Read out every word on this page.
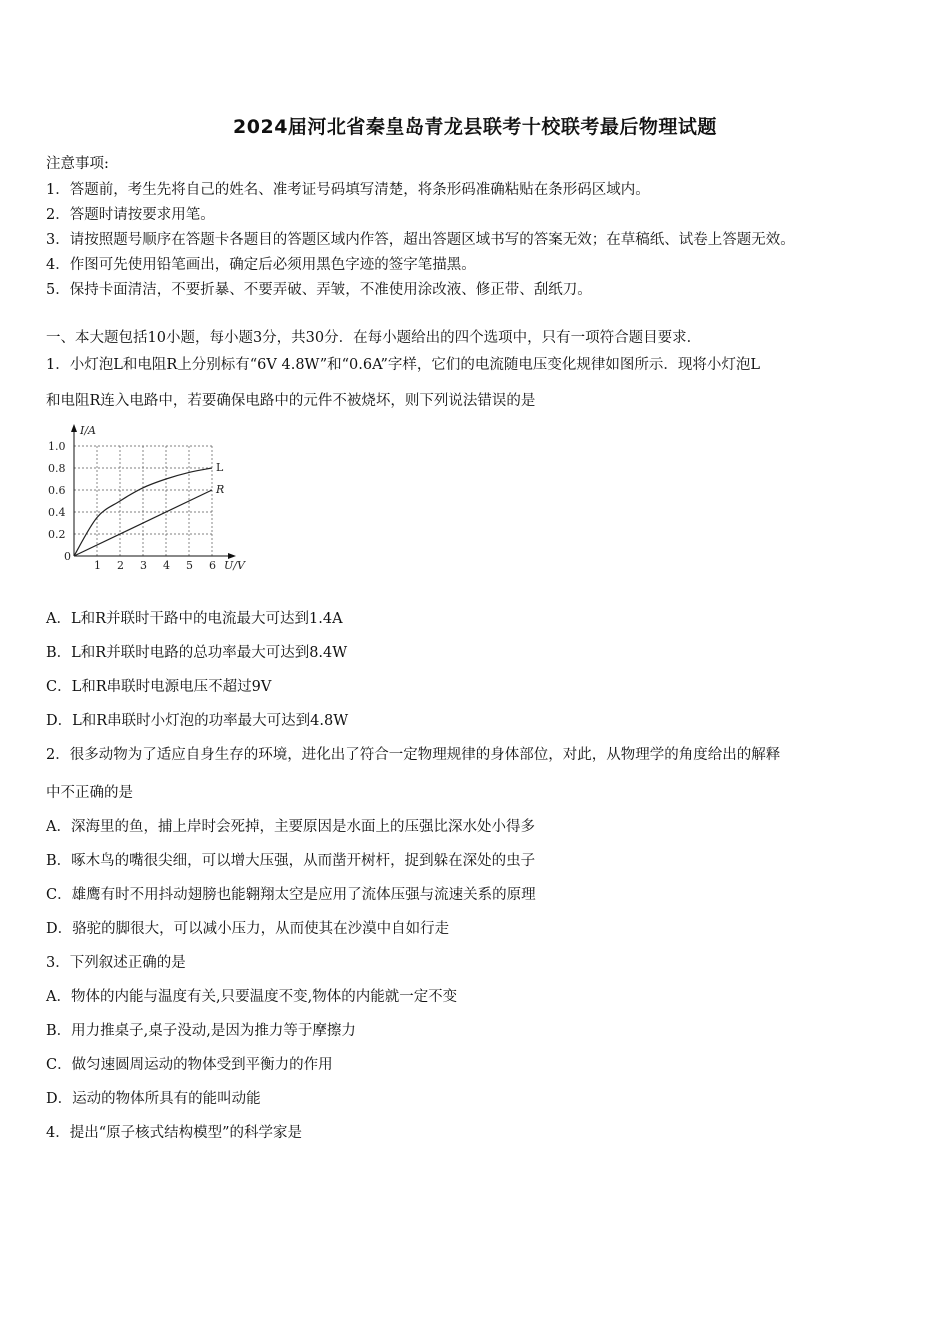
2024届河北省秦皇岛青龙县联考十校联考最后物理试题

注意事项:

1．答题前，考生先将自己的姓名、准考证号码填写清楚，将条形码准确粘贴在条形码区域内。

2．答题时请按要求用笔。

3．请按照题号顺序在答题卡各题目的答题区域内作答，超出答题区域书写的答案无效；在草稿纸、试卷上答题无效。

4．作图可先使用铅笔画出，确定后必须用黑色字迹的签字笔描黑。

5．保持卡面清洁，不要折暴、不要弄破、弄皱，不准使用涂改液、修正带、刮纸刀。

一、本大题包括10小题，每小题3分，共30分．在每小题给出的四个选项中，只有一项符合题目要求．

1．小灯泡L和电阻R上分别标有“6V 4.8W”和“0.6A”字样，它们的电流随电压变化规律如图所示．现将小灯泡L

和电阻R连入电路中，若要确保电路中的元件不被烧坏，则下列说法错误的是

I/A
U/V
0
1 2 3 4 5 6
1.0
0.8
0.6
0.4
0.2
L
R

A．L和R并联时干路中的电流最大可达到1.4A

B．L和R并联时电路的总功率最大可达到8.4W

C．L和R串联时电源电压不超过9V

D．L和R串联时小灯泡的功率最大可达到4.8W

2．很多动物为了适应自身生存的环境，进化出了符合一定物理规律的身体部位，对此，从物理学的角度给出的解释

中不正确的是

A．深海里的鱼，捕上岸时会死掉，主要原因是水面上的压强比深水处小得多

B．啄木鸟的嘴很尖细，可以增大压强，从而凿开树杆，捉到躲在深处的虫子

C．雄鹰有时不用抖动翅膀也能翱翔太空是应用了流体压强与流速关系的原理

D．骆驼的脚很大，可以减小压力，从而使其在沙漠中自如行走

3．下列叙述正确的是

A．物体的内能与温度有关,只要温度不变,物体的内能就一定不变

B．用力推桌子,桌子没动,是因为推力等于摩擦力

C．做匀速圆周运动的物体受到平衡力的作用

D．运动的物体所具有的能叫动能

4．提出“原子核式结构模型”的科学家是
